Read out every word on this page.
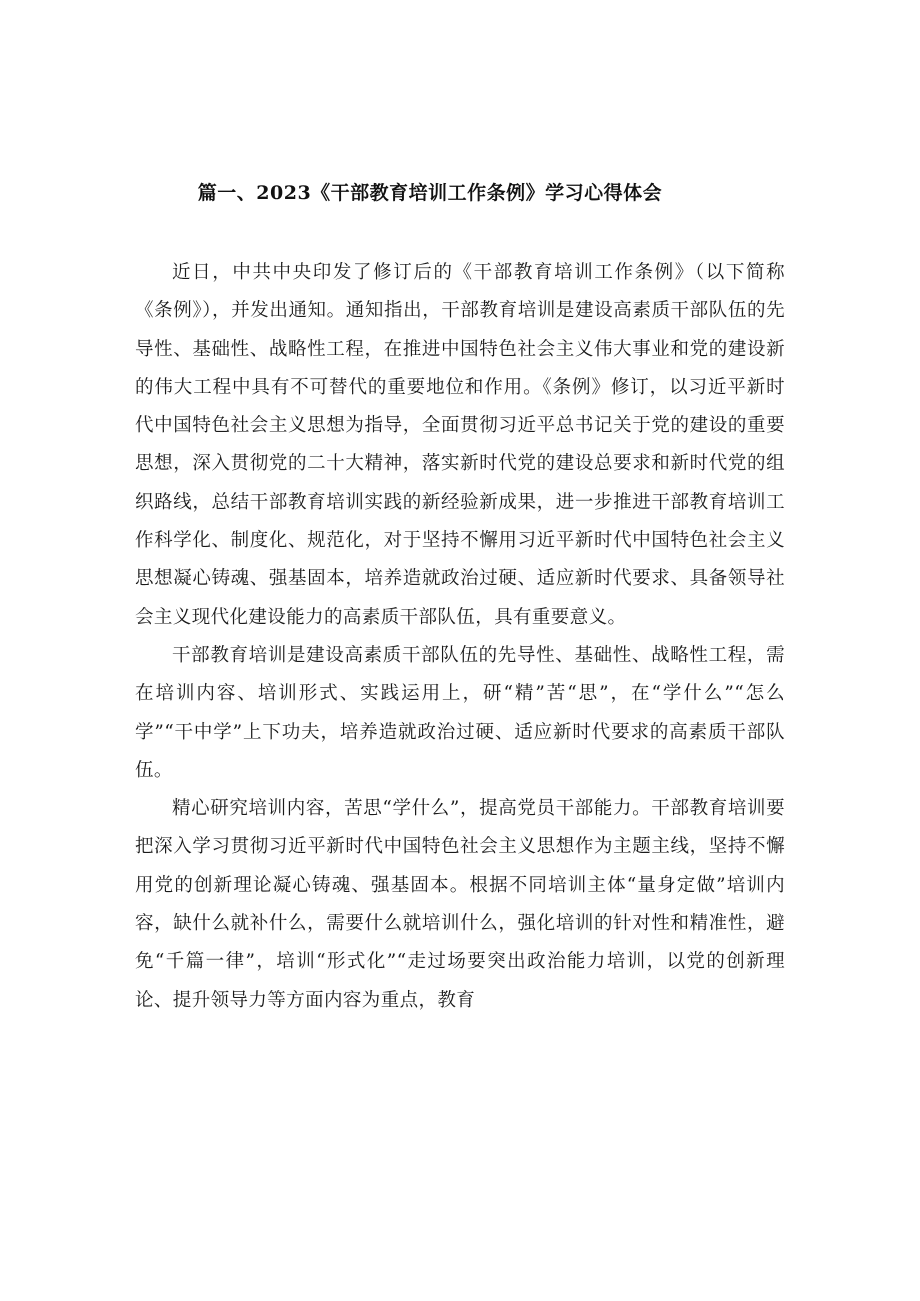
篇一、2023《干部教育培训工作条例》学习心得体会

近日，中共中央印发了修订后的《干部教育培训工作条例》（以下简称《条例》），并发出通知。通知指出，干部教育培训是建设高素质干部队伍的先导性、基础性、战略性工程，在推进中国特色社会主义伟大事业和党的建设新的伟大工程中具有不可替代的重要地位和作用。《条例》修订，以习近平新时代中国特色社会主义思想为指导，全面贯彻习近平总书记关于党的建设的重要思想，深入贯彻党的二十大精神，落实新时代党的建设总要求和新时代党的组织路线，总结干部教育培训实践的新经验新成果，进一步推进干部教育培训工作科学化、制度化、规范化，对于坚持不懈用习近平新时代中国特色社会主义思想凝心铸魂、强基固本，培养造就政治过硬、适应新时代要求、具备领导社会主义现代化建设能力的高素质干部队伍，具有重要意义。

干部教育培训是建设高素质干部队伍的先导性、基础性、战略性工程，需在培训内容、培训形式、实践运用上，研“精”苦“思”，在“学什么”“怎么学”“干中学”上下功夫，培养造就政治过硬、适应新时代要求的高素质干部队伍。

精心研究培训内容，苦思“学什么”，提高党员干部能力。干部教育培训要把深入学习贯彻习近平新时代中国特色社会主义思想作为主题主线，坚持不懈用党的创新理论凝心铸魂、强基固本。根据不同培训主体“量身定做”培训内容，缺什么就补什么，需要什么就培训什么，强化培训的针对性和精准性，避免“千篇一律”，培训“形式化”“走过场要突出政治能力培训，以党的创新理论、提升领导力等方面内容为重点，教育
